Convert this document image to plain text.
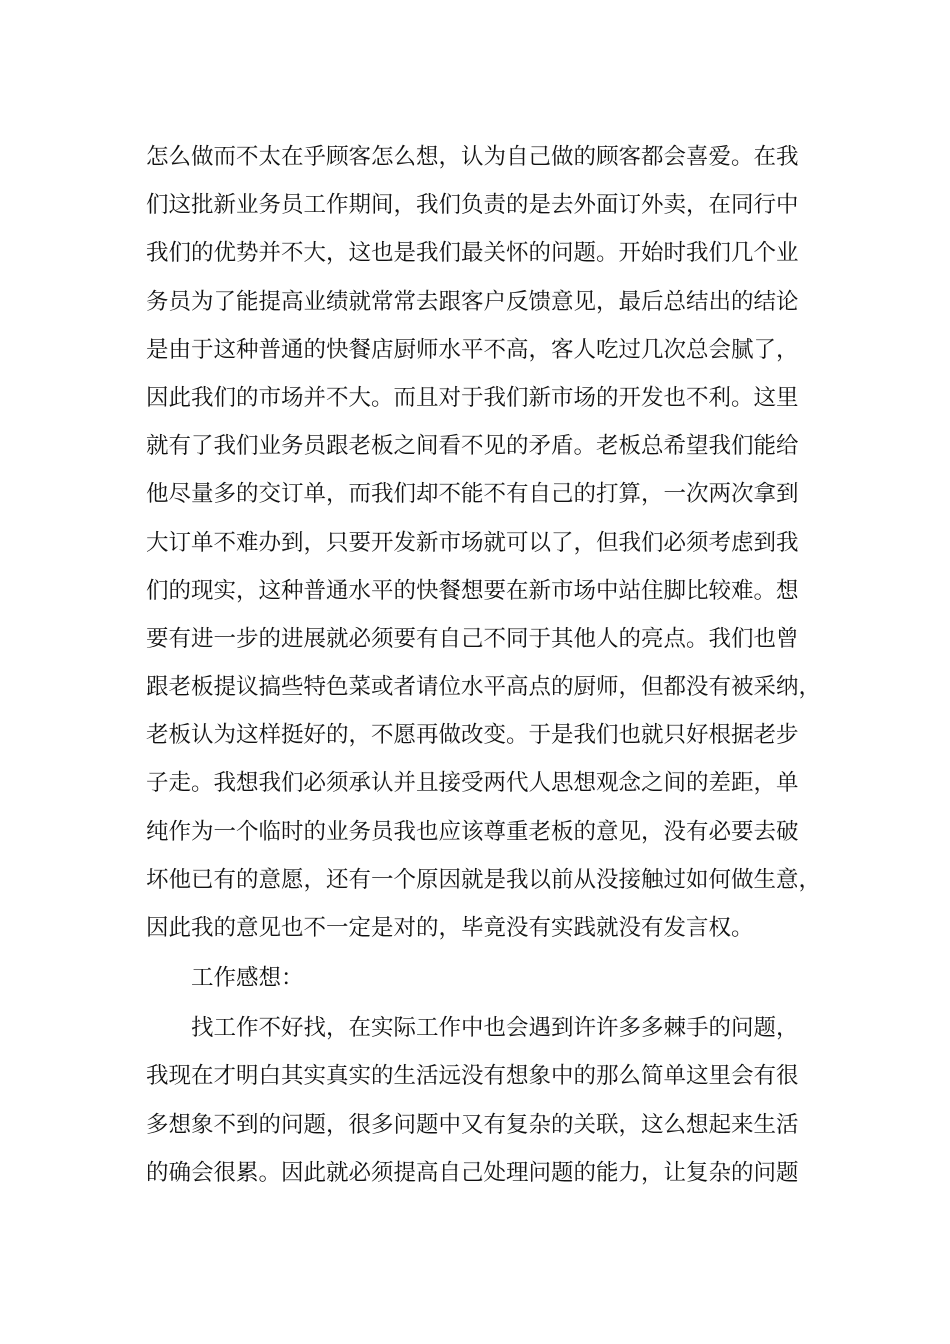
怎么做而不太在乎顾客怎么想，认为自己做的顾客都会喜爱。在我
们这批新业务员工作期间，我们负责的是去外面订外卖，在同行中
我们的优势并不大，这也是我们最关怀的问题。开始时我们几个业
务员为了能提高业绩就常常去跟客户反馈意见，最后总结出的结论
是由于这种普通的快餐店厨师水平不高，客人吃过几次总会腻了，
因此我们的市场并不大。而且对于我们新市场的开发也不利。这里
就有了我们业务员跟老板之间看不见的矛盾。老板总希望我们能给
他尽量多的交订单，而我们却不能不有自己的打算，一次两次拿到
大订单不难办到，只要开发新市场就可以了，但我们必须考虑到我
们的现实，这种普通水平的快餐想要在新市场中站住脚比较难。想
要有进一步的进展就必须要有自己不同于其他人的亮点。我们也曾
跟老板提议搞些特色菜或者请位水平高点的厨师，但都没有被采纳，
老板认为这样挺好的，不愿再做改变。于是我们也就只好根据老步
子走。我想我们必须承认并且接受两代人思想观念之间的差距，单
纯作为一个临时的业务员我也应该尊重老板的意见，没有必要去破
坏他已有的意愿，还有一个原因就是我以前从没接触过如何做生意，
因此我的意见也不一定是对的，毕竟没有实践就没有发言权。
工作感想：
找工作不好找，在实际工作中也会遇到许许多多棘手的问题，
我现在才明白其实真实的生活远没有想象中的那么简单这里会有很
多想象不到的问题，很多问题中又有复杂的关联，这么想起来生活
的确会很累。因此就必须提高自己处理问题的能力，让复杂的问题
